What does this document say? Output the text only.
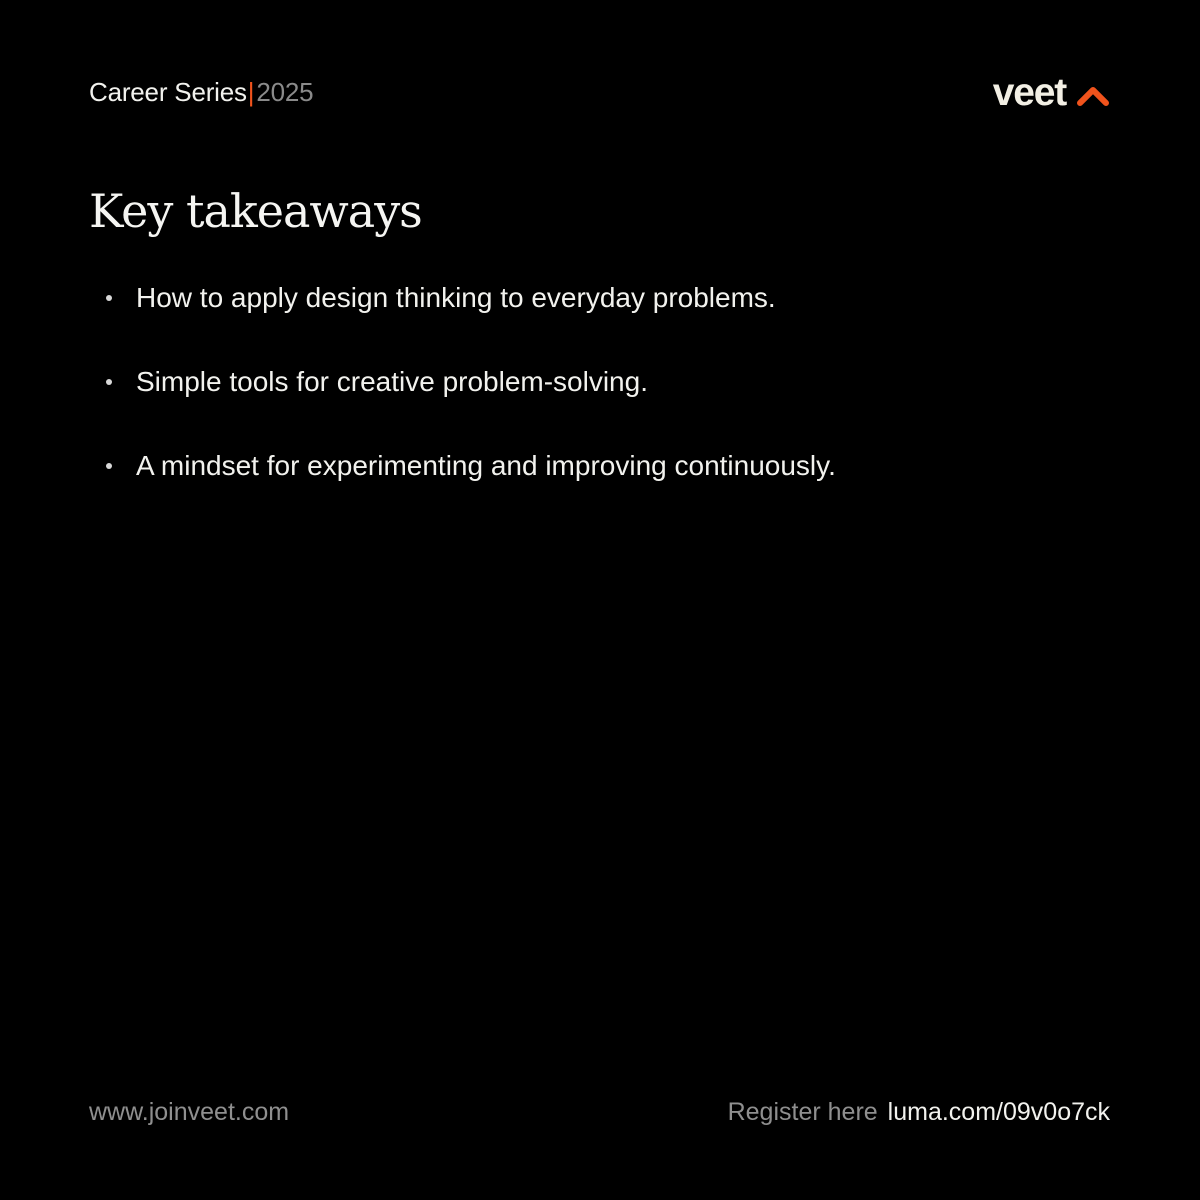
Career Series | 2025	veet
Key takeaways
How to apply design thinking to everyday problems.
Simple tools for creative problem-solving.
A mindset for experimenting and improving continuously.
www.joinveet.com	Register here luma.com/09v0o7ck
